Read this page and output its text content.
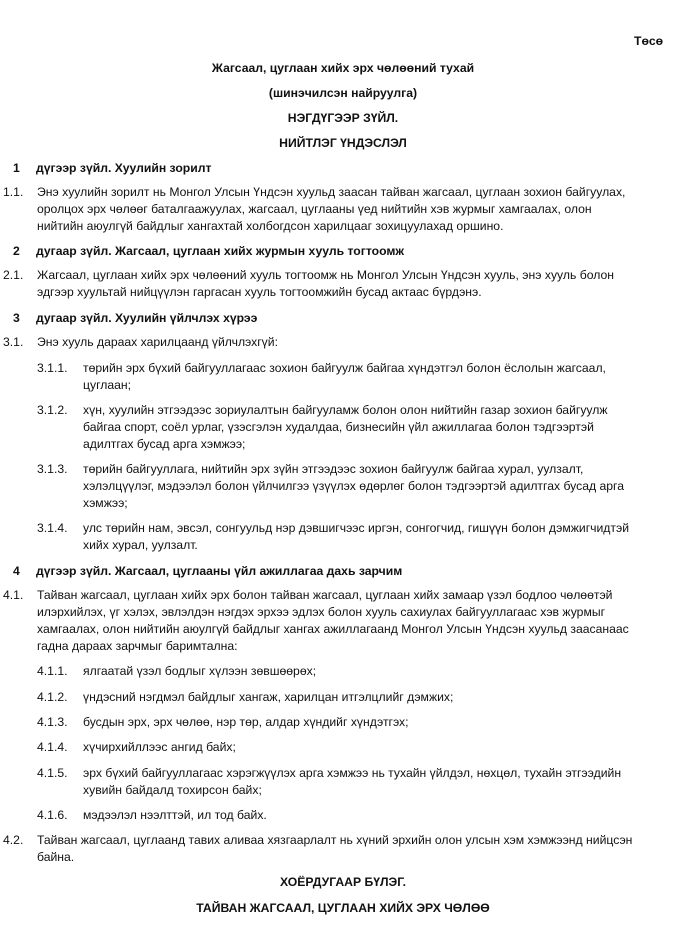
Төсө
Жагсаал, цуглаан хийх эрх чөлөөний тухай
(шинэчилсэн найруулга)
НЭГДҮГЭЭР ЗҮЙЛ.
НИЙТЛЭГ ҮНДЭСЛЭЛ
1 дүгээр зүйл. Хуулийн зорилт
1.1. Энэ хуулийн зорилт нь Монгол Улсын Үндсэн хуульд заасан тайван жагсаал, цуглаан зохион байгуулах,
оролцох эрх чөлөөг баталгаажуулах, жагсаал, цуглааны үед нийтийн хэв журмыг хамгаалах, олон
нийтийн аюулгүй байдлыг хангахтай холбогдсон харилцааг зохицуулахад оршино.
2 дугаар зүйл. Жагсаал, цуглаан хийх журмын хууль тогтоомж
2.1. Жагсаал, цуглаан хийх эрх чөлөөний хууль тогтоомж нь Монгол Улсын Үндсэн хууль, энэ хууль болон
эдгээр хуультай нийцүүлэн гаргасан хууль тогтоомжийн бусад актаас бүрдэнэ.
3 дугаар зүйл. Хуулийн үйлчлэх хүрээ
3.1. Энэ хууль дараах харилцаанд үйлчлэхгүй:
3.1.1. төрийн эрх бүхий байгууллагаас зохион байгуулж байгаа хүндэтгэл болон ёслолын жагсаал,
цуглаан;
3.1.2. хүн, хуулийн этгээдээс зориулалтын байгууламж болон олон нийтийн газар зохион байгуулж
байгаа спорт, соёл урлаг, үзэсгэлэн худалдаа, бизнесийн үйл ажиллагаа болон тэдгээртэй
адилтгах бусад арга хэмжээ;
3.1.3. төрийн байгууллага, нийтийн эрх зүйн этгээдээс зохион байгуулж байгаа хурал, уулзалт,
хэлэлцүүлэг, мэдээлэл болон үйлчилгээ үзүүлэх өдөрлөг болон тэдгээртэй адилтгах бусад арга
хэмжээ;
3.1.4. улс төрийн нам, эвсэл, сонгуульд нэр дэвшигчээс иргэн, сонгогчид, гишүүн болон дэмжигчидтэй
хийх хурал, уулзалт.
4 дүгээр зүйл. Жагсаал, цуглааны үйл ажиллагаа дахь зарчим
4.1. Тайван жагсаал, цуглаан хийх эрх болон тайван жагсаал, цуглаан хийх замаар үзэл бодлоо чөлөөтэй
илэрхийлэх, үг хэлэх, эвлэлдэн нэгдэх эрхээ эдлэх болон хууль сахиулах байгууллагаас хэв журмыг
хамгаалах, олон нийтийн аюулгүй байдлыг хангах ажиллагаанд Монгол Улсын Үндсэн хуульд заасанаас
гадна дараах зарчмыг баримтална:
4.1.1. ялгаатай үзэл бодлыг хүлээн зөвшөөрөх;
4.1.2. үндэсний нэгдмэл байдлыг хангаж, харилцан итгэлцлийг дэмжих;
4.1.3. бусдын эрх, эрх чөлөө, нэр төр, алдар хүндийг хүндэтгэх;
4.1.4. хүчирхийллээс ангид байх;
4.1.5. эрх бүхий байгууллагаас хэрэгжүүлэх арга хэмжээ нь тухайн үйлдэл, нөхцөл, тухайн этгээдийн
хувийн байдалд тохирсон байх;
4.1.6. мэдээлэл нээлттэй, ил тод байх.
4.2. Тайван жагсаал, цуглаанд тавих аливаа хязгаарлалт нь хүний эрхийн олон улсын хэм хэмжээнд нийцсэн
байна.
ХОЁРДУГААР БҮЛЭГ.
ТАЙВАН ЖАГСААЛ, ЦУГЛААН ХИЙХ ЭРХ ЧӨЛӨӨ
